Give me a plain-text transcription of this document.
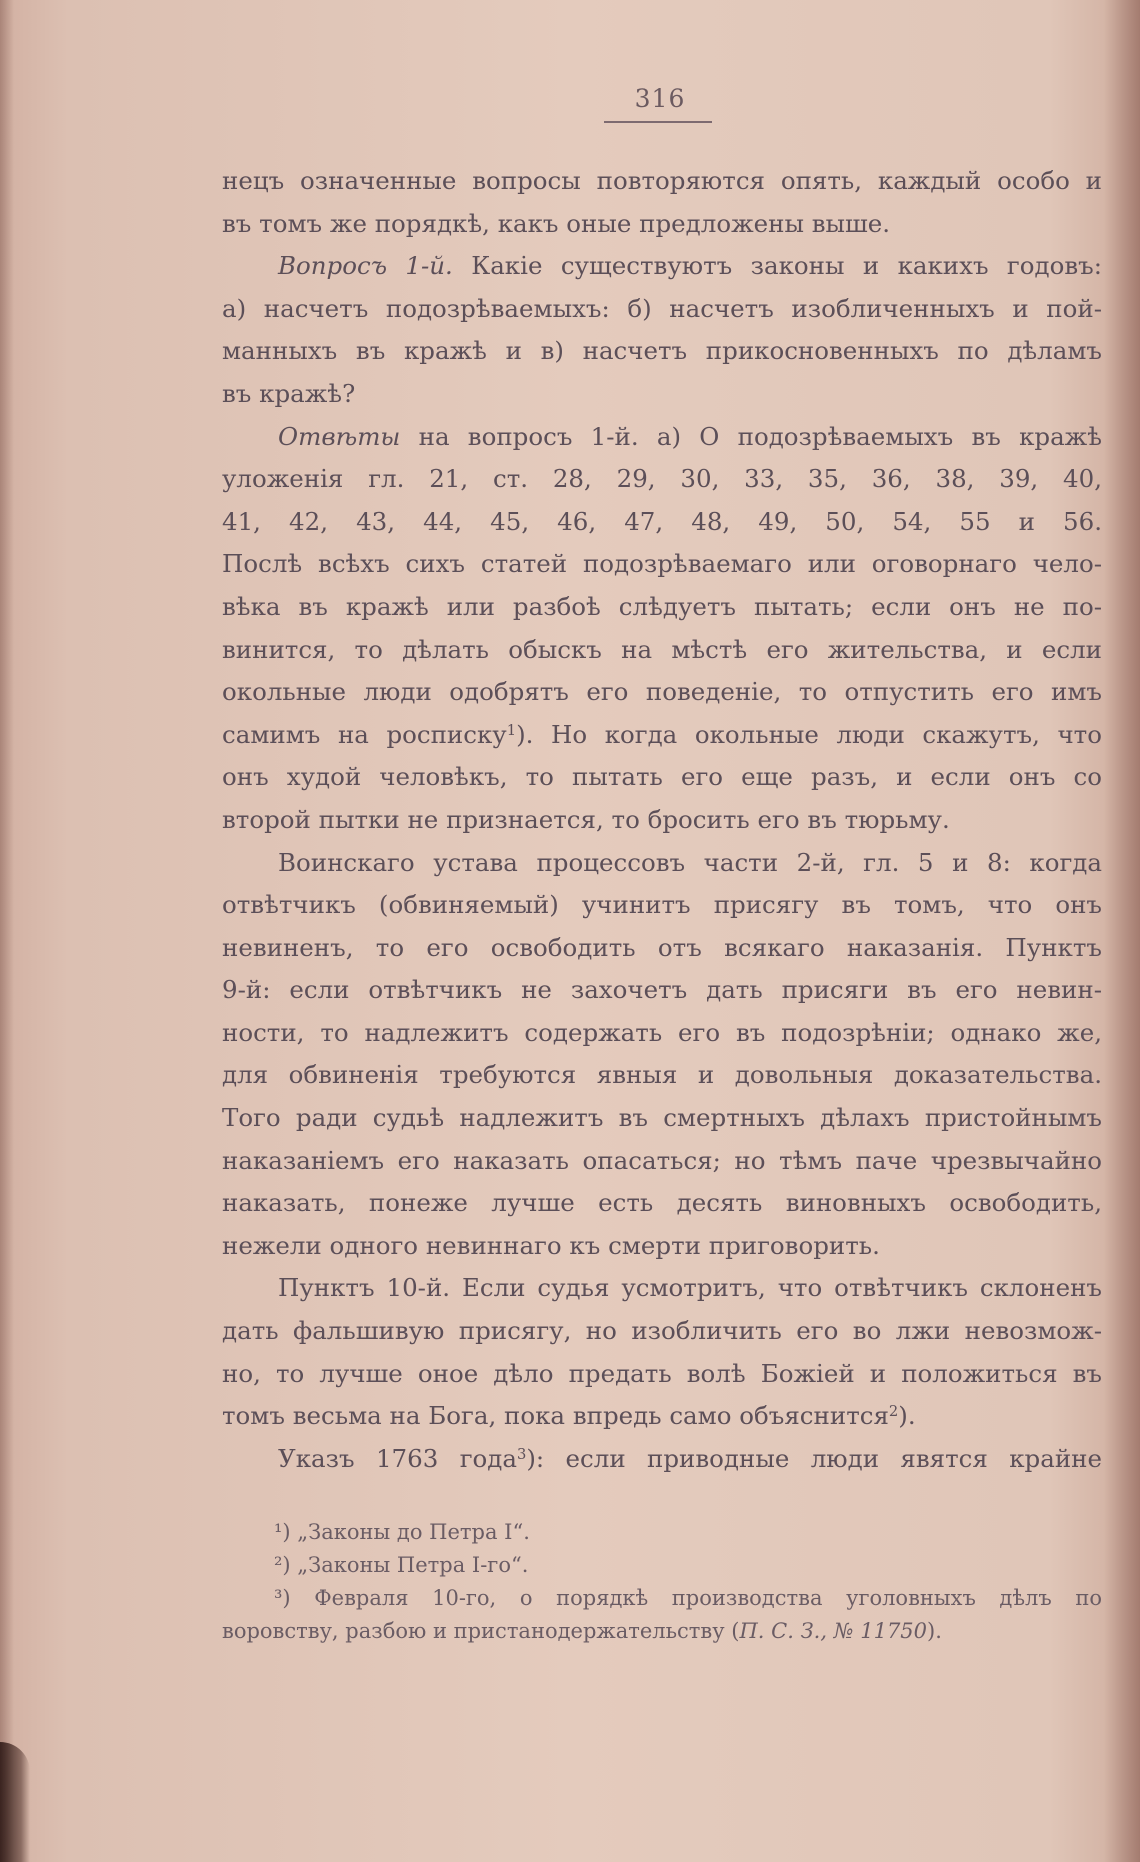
316
нецъ означенные вопросы повторяются опять, каждый особо и
въ томъ же порядкѣ, какъ оные предложены выше.
Вопросъ 1-й. Какіе существуютъ законы и какихъ годовъ:
а) насчетъ подозрѣваемыхъ: б) насчетъ изобличенныхъ и пой-
манныхъ въ кражѣ и в) насчетъ прикосновенныхъ по дѣламъ
въ кражѣ?
Отвѣты на вопросъ 1-й. а) О подозрѣваемыхъ въ кражѣ
уложенія гл. 21, ст. 28, 29, 30, 33, 35, 36, 38, 39, 40,
41, 42, 43, 44, 45, 46, 47, 48, 49, 50, 54, 55 и 56.
Послѣ всѣхъ сихъ статей подозрѣваемаго или оговорнаго чело-
вѣка въ кражѣ или разбоѣ слѣдуетъ пытать; если онъ не по-
винится, то дѣлать обыскъ на мѣстѣ его жительства, и если
окольные люди одобрятъ его поведеніе, то отпустить его имъ
самимъ на росписку$^1$). Но когда окольные люди скажутъ, что
онъ худой человѣкъ, то пытать его еще разъ, и если онъ со
второй пытки не признается, то бросить его въ тюрьму.
Воинскаго устава процессовъ части 2-й, гл. 5 и 8: когда
отвѣтчикъ (обвиняемый) учинитъ присягу въ томъ, что онъ
невиненъ, то его освободить отъ всякаго наказанія. Пунктъ
9-й: если отвѣтчикъ не захочетъ дать присяги въ его невин-
ности, то надлежитъ содержать его въ подозрѣніи; однако же,
для обвиненія требуются явныя и довольныя доказательства.
Того ради судьѣ надлежитъ въ смертныхъ дѣлахъ пристойнымъ
наказаніемъ его наказать опасаться; но тѣмъ паче чрезвычайно
наказать, понеже лучше есть десять виновныхъ освободить,
нежели одного невиннаго къ смерти приговорить.
Пунктъ 10-й. Если судья усмотритъ, что отвѣтчикъ склоненъ
дать фальшивую присягу, но изобличить его во лжи невозмож-
но, то лучше оное дѣло предать волѣ Божіей и положиться въ
томъ весьма на Бога, пока впредь само объяснится$^2$).
Указъ 1763 года$^3$): если приводные люди явятся крайне
¹) „Законы до Петра I“.
²) „Законы Петра I-го“.
³) Февраля 10-го, о порядкѣ производства уголовныхъ дѣлъ по
воровству, разбою и пристанодержательству (П. С. З., № 11750).
